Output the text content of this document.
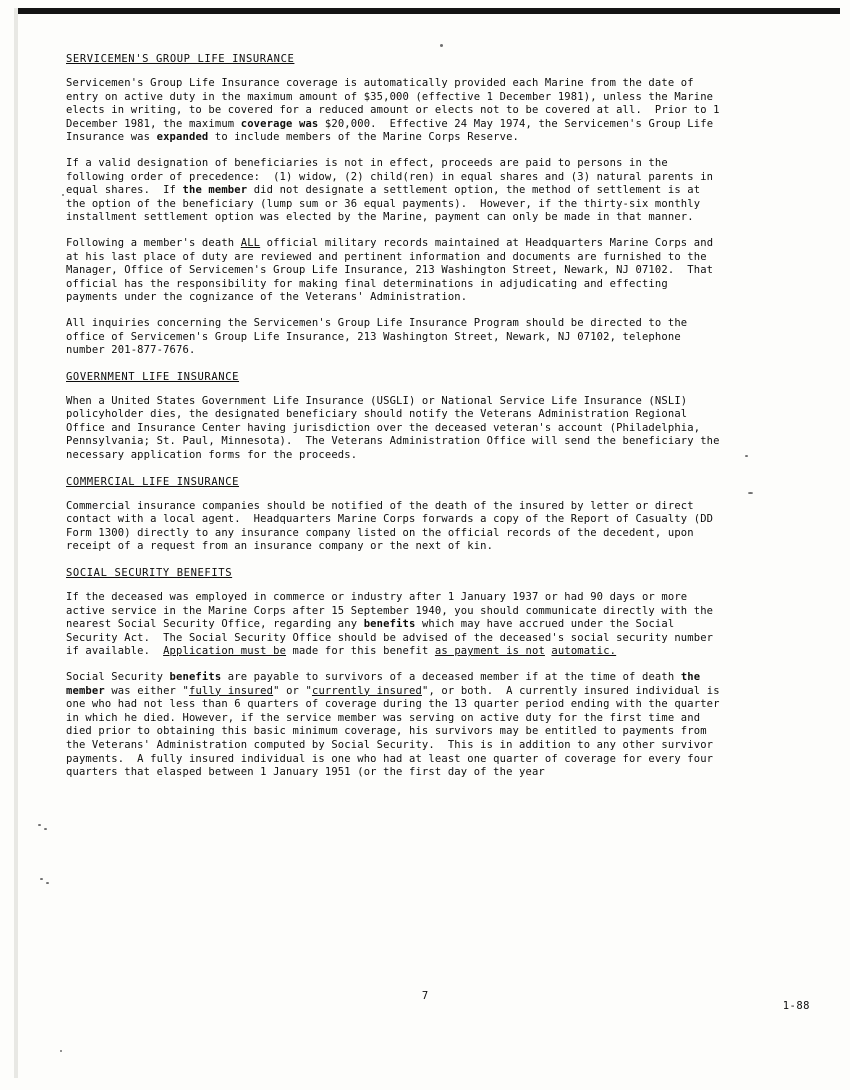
SERVICEMEN'S GROUP LIFE INSURANCE

Servicemen's Group Life Insurance coverage is automatically provided each Marine from the date of entry on active duty in the maximum amount of $35,000 (effective 1 December 1981), unless the Marine elects in writing, to be covered for a reduced amount or elects not to be covered at all.  Prior to 1 December 1981, the maximum coverage was $20,000.  Effective 24 May 1974, the Servicemen's Group Life Insurance was expanded to include members of the Marine Corps Reserve.

If a valid designation of beneficiaries is not in effect, proceeds are paid to persons in the following order of precedence:  (1) widow, (2) child(ren) in equal shares and (3) natural parents in equal shares.  If the member did not designate a settlement option, the method of settlement is at the option of the beneficiary (lump sum or 36 equal payments).  However, if the thirty-six monthly installment settlement option was elected by the Marine, payment can only be made in that manner.

Following a member's death ALL official military records maintained at Headquarters Marine Corps and at his last place of duty are reviewed and pertinent information and documents are furnished to the Manager, Office of Servicemen's Group Life Insurance, 213 Washington Street, Newark, NJ 07102.  That official has the responsibility for making final determinations in adjudicating and effecting payments under the cognizance of the Veterans' Administration.

All inquiries concerning the Servicemen's Group Life Insurance Program should be directed to the office of Servicemen's Group Life Insurance, 213 Washington Street, Newark, NJ 07102, telephone number 201-877-7676.

GOVERNMENT LIFE INSURANCE

When a United States Government Life Insurance (USGLI) or National Service Life Insurance (NSLI) policyholder dies, the designated beneficiary should notify the Veterans Administration Regional Office and Insurance Center having jurisdiction over the deceased veteran's account (Philadelphia, Pennsylvania; St. Paul, Minnesota).  The Veterans Administration Office will send the beneficiary the necessary application forms for the proceeds.

COMMERCIAL LIFE INSURANCE

Commercial insurance companies should be notified of the death of the insured by letter or direct contact with a local agent.  Headquarters Marine Corps forwards a copy of the Report of Casualty (DD Form 1300) directly to any insurance company listed on the official records of the decedent, upon receipt of a request from an insurance company or the next of kin.

SOCIAL SECURITY BENEFITS

If the deceased was employed in commerce or industry after 1 January 1937 or had 90 days or more active service in the Marine Corps after 15 September 1940, you should communicate directly with the nearest Social Security Office, regarding any benefits which may have accrued under the Social Security Act.  The Social Security Office should be advised of the deceased's social security number if available.  Application must be made for this benefit as payment is not automatic.

Social Security benefits are payable to survivors of a deceased member if at the time of death the member was either "fully insured" or "currently insured", or both.  A currently insured individual is one who had not less than 6 quarters of coverage during the 13 quarter period ending with the quarter in which he died. However, if the service member was serving on active duty for the first time and died prior to obtaining this basic minimum coverage, his survivors may be entitled to payments from the Veterans' Administration computed by Social Security.  This is in addition to any other survivor payments.  A fully insured individual is one who had at least one quarter of coverage for every four quarters that elasped between 1 January 1951 (or the first day of the year

7
1-88
